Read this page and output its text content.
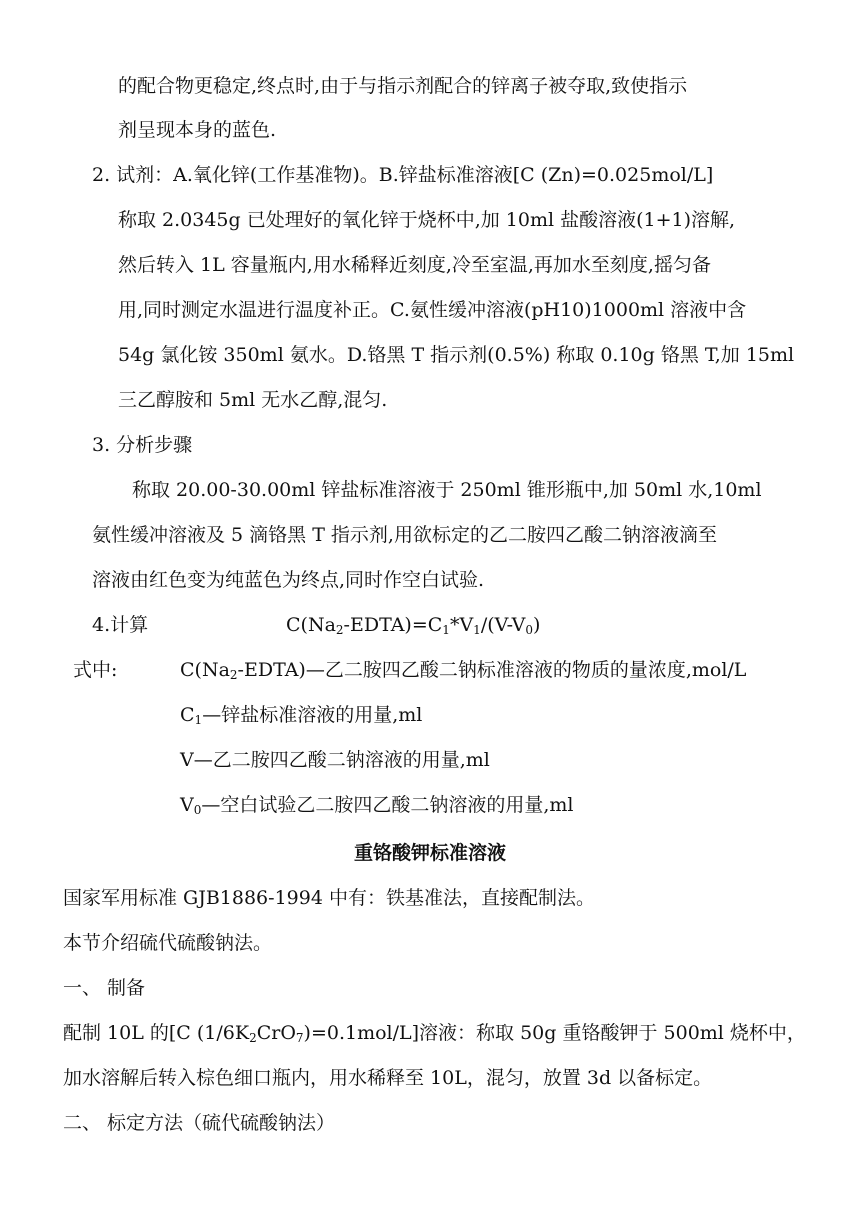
的配合物更稳定,终点时,由于与指示剂配合的锌离子被夺取,致使指示
剂呈现本身的蓝色.
2. 试剂：A.氧化锌(工作基准物)。B.锌盐标准溶液[C (Zn)=0.025mol/L]
称取 2.0345g 已处理好的氧化锌于烧杯中,加 10ml 盐酸溶液(1+1)溶解,
然后转入 1L 容量瓶内,用水稀释近刻度,冷至室温,再加水至刻度,摇匀备
用,同时测定水温进行温度补正。C.氨性缓冲溶液(pH10)1000ml 溶液中含
54g 氯化铵 350ml 氨水。D.铬黑 T 指示剂(0.5%) 称取 0.10g 铬黑 T,加 15ml
三乙醇胺和 5ml 无水乙醇,混匀.
3. 分析步骤
称取 20.00-30.00ml 锌盐标准溶液于 250ml 锥形瓶中,加 50ml 水,10ml
氨性缓冲溶液及 5 滴铬黑 T 指示剂,用欲标定的乙二胺四乙酸二钠溶液滴至
溶液由红色变为纯蓝色为终点,同时作空白试验.
4.计算	$C(Na_2-EDTA)=C_1*V_1/(V-V_0)$
式中:	$C(Na_2-EDTA)—$乙二胺四乙酸二钠标准溶液的物质的量浓度,mol/L
$C_1—$锌盐标准溶液的用量,ml
V—乙二胺四乙酸二钠溶液的用量,ml
$V_0—$空白试验乙二胺四乙酸二钠溶液的用量,ml
重铬酸钾标准溶液
国家军用标准 GJB1886-1994 中有：铁基准法，直接配制法。
本节介绍硫代硫酸钠法。
一、 制备
配制 10L 的[C $(1/6K_2CrO_7)=0.1mol/L$]溶液：称取 50g 重铬酸钾于 500ml 烧杯中，
加水溶解后转入棕色细口瓶内，用水稀释至 10L，混匀，放置 3d 以备标定。
二、 标定方法（硫代硫酸钠法）
